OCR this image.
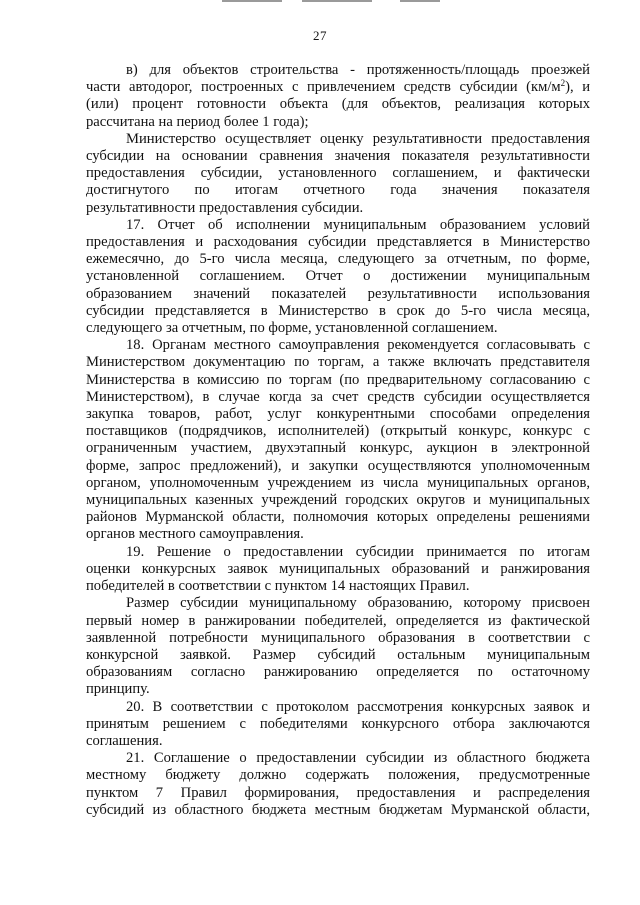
27

в) для объектов строительства - протяженность/площадь проезжей
части автодорог, построенных с привлечением средств субсидии $(км/м^2)$, и
(или) процент готовности объекта (для объектов, реализация которых
рассчитана на период более 1 года);

Министерство осуществляет оценку результативности предоставления
субсидии на основании сравнения значения показателя результативности
предоставления субсидии, установленного соглашением, и фактически
достигнутого по итогам отчетного года значения показателя
результативности предоставления субсидии.

17. Отчет об исполнении муниципальным образованием условий
предоставления и расходования субсидии представляется в Министерство
ежемесячно, до 5-го числа месяца, следующего за отчетным, по форме,
установленной соглашением. Отчет о достижении муниципальным
образованием значений показателей результативности использования
субсидии представляется в Министерство в срок до 5-го числа месяца,
следующего за отчетным, по форме, установленной соглашением.

18. Органам местного самоуправления рекомендуется согласовывать с
Министерством документацию по торгам, а также включать представителя
Министерства в комиссию по торгам (по предварительному согласованию с
Министерством), в случае когда за счет средств субсидии осуществляется
закупка товаров, работ, услуг конкурентными способами определения
поставщиков (подрядчиков, исполнителей) (открытый конкурс, конкурс с
ограниченным участием, двухэтапный конкурс, аукцион в электронной
форме, запрос предложений), и закупки осуществляются уполномоченным
органом, уполномоченным учреждением из числа муниципальных органов,
муниципальных казенных учреждений городских округов и муниципальных
районов Мурманской области, полномочия которых определены решениями
органов местного самоуправления.

19. Решение о предоставлении субсидии принимается по итогам
оценки конкурсных заявок муниципальных образований и ранжирования
победителей в соответствии с пунктом 14 настоящих Правил.

Размер субсидии муниципальному образованию, которому присвоен
первый номер в ранжировании победителей, определяется из фактической
заявленной потребности муниципального образования в соответствии с
конкурсной заявкой. Размер субсидий остальным муниципальным
образованиям согласно ранжированию определяется по остаточному
принципу.

20. В соответствии с протоколом рассмотрения конкурсных заявок и
принятым решением с победителями конкурсного отбора заключаются
соглашения.

21. Соглашение о предоставлении субсидии из областного бюджета
местному бюджету должно содержать положения, предусмотренные
пунктом 7 Правил формирования, предоставления и распределения
субсидий из областного бюджета местным бюджетам Мурманской области,
